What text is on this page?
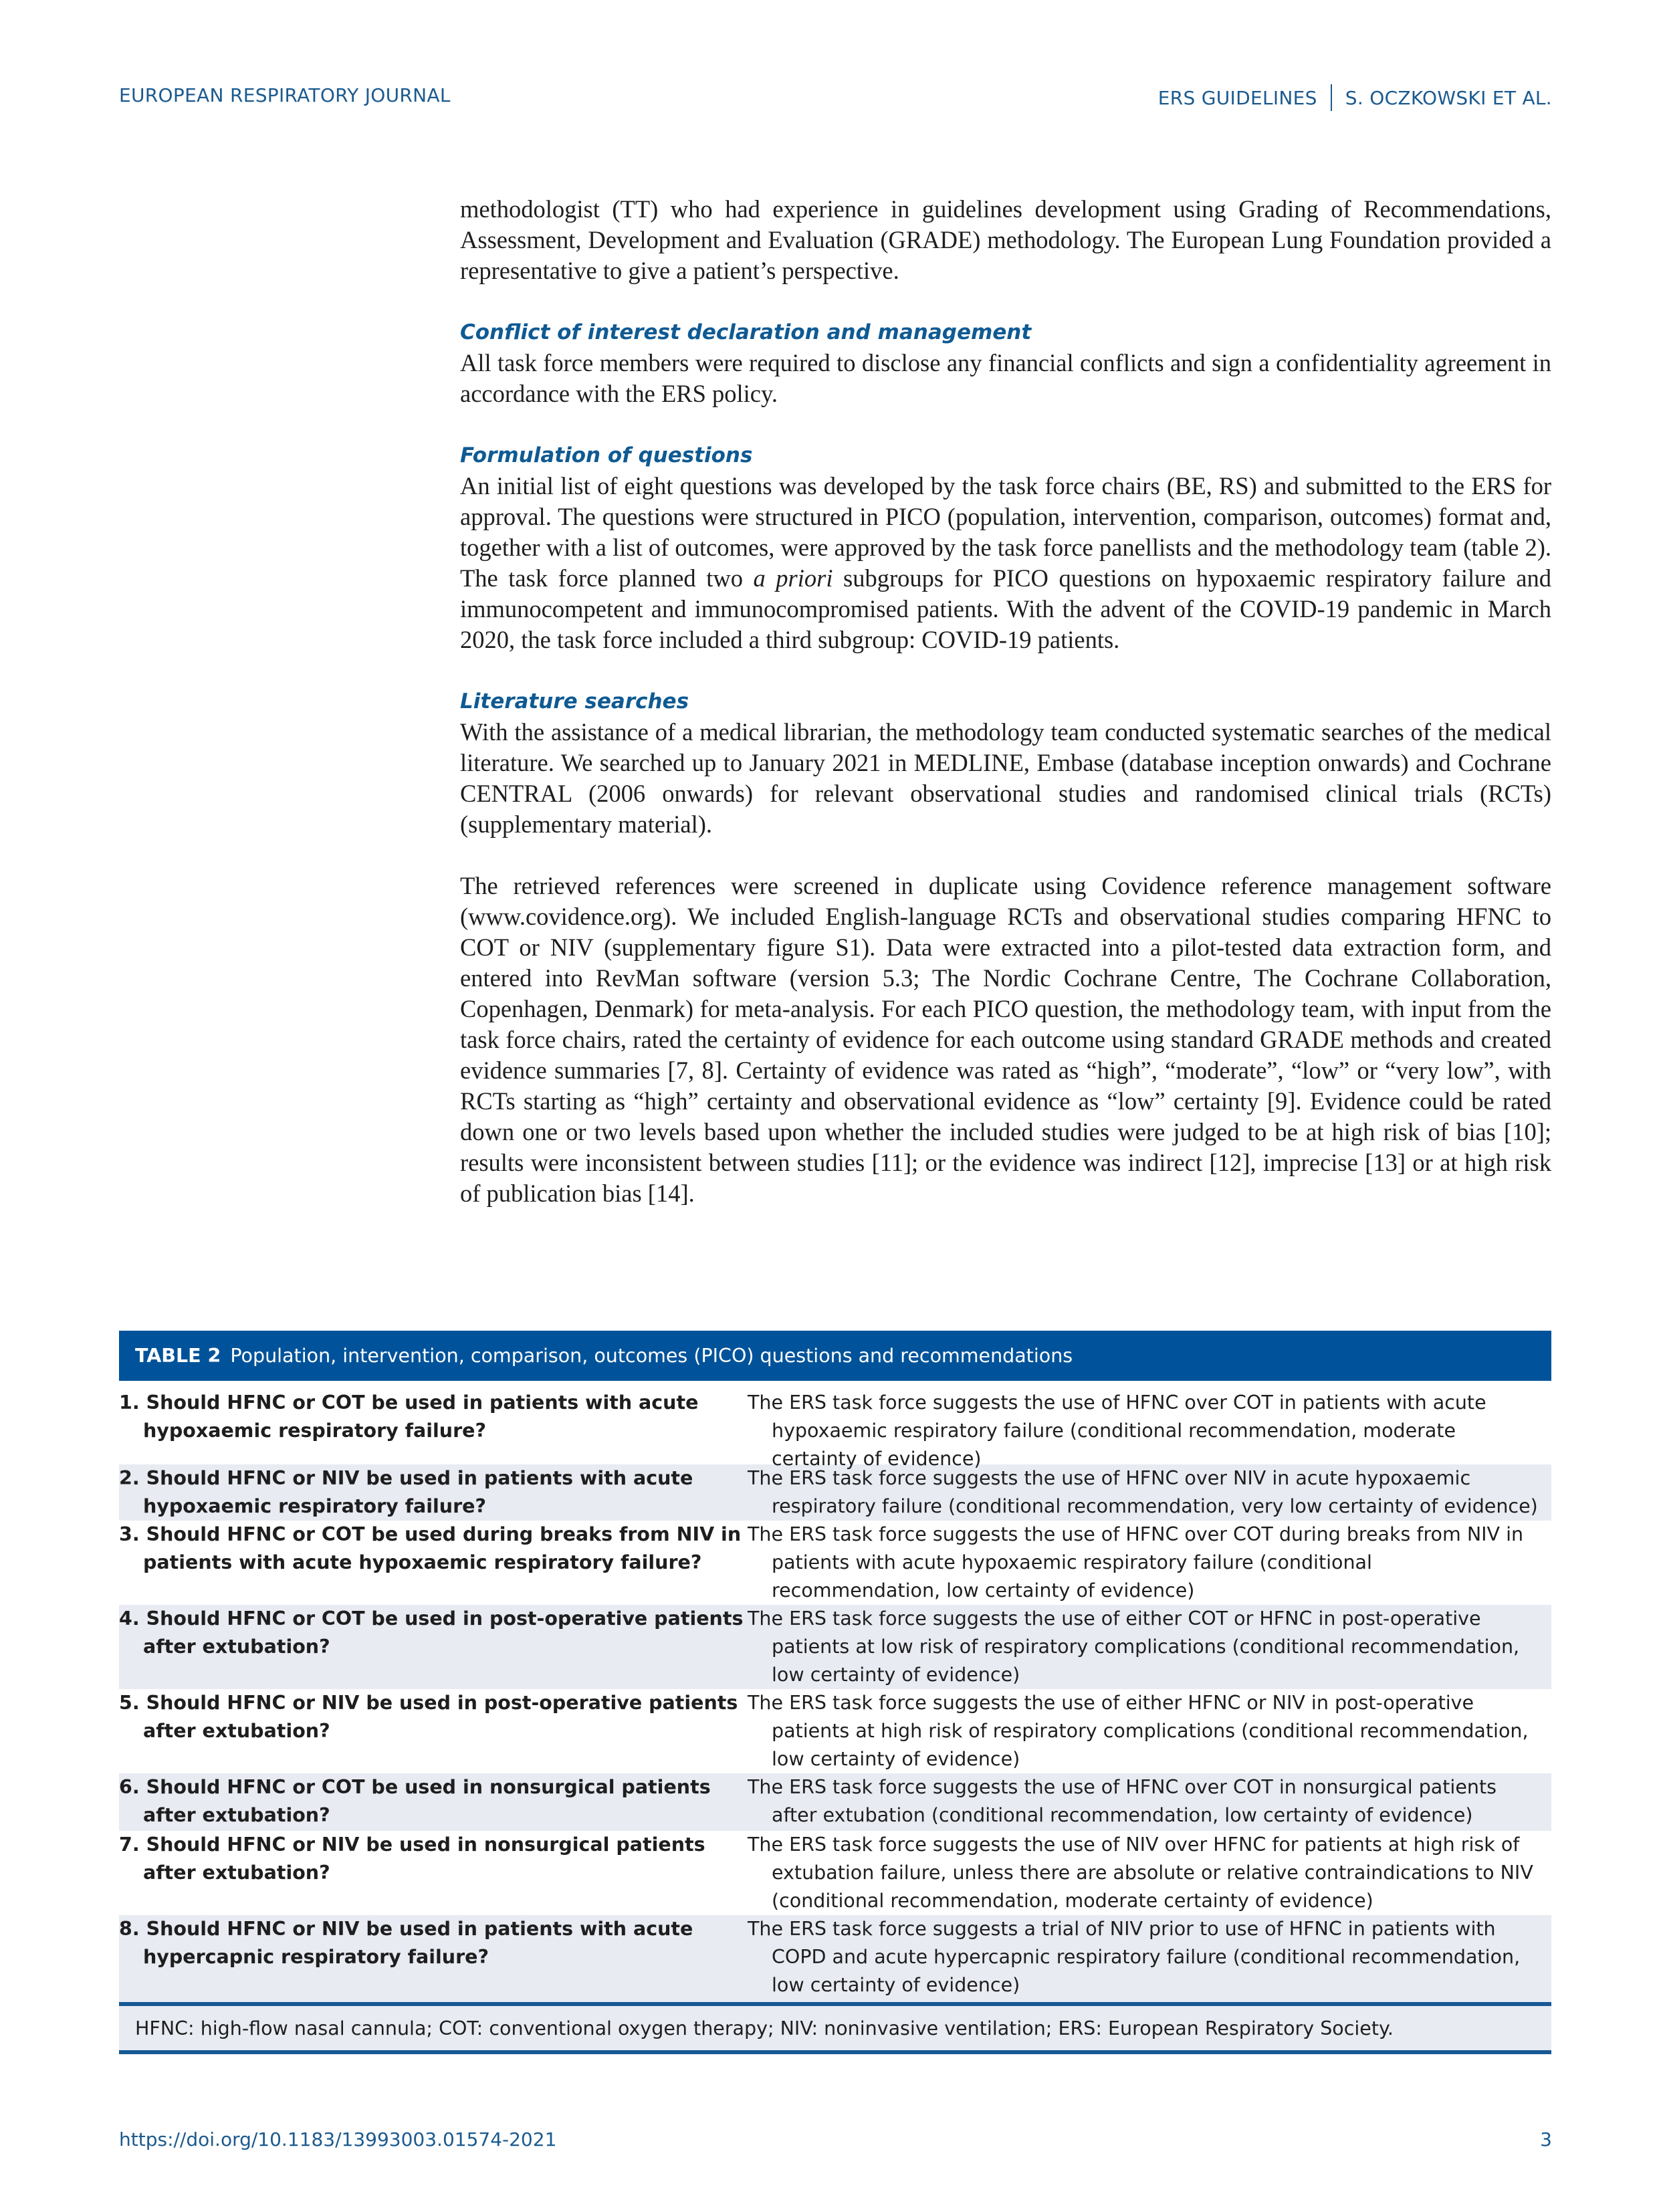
EUROPEAN RESPIRATORY JOURNAL	ERS GUIDELINES S. OCZKOWSKI ET AL.

methodologist (TT) who had experience in guidelines development using Grading of Recommendations, Assessment, Development and Evaluation (GRADE) methodology. The European Lung Foundation provided a representative to give a patient’s perspective.

Conflict of interest declaration and management

All task force members were required to disclose any financial conflicts and sign a confidentiality agreement in accordance with the ERS policy.

Formulation of questions

An initial list of eight questions was developed by the task force chairs (BE, RS) and submitted to the ERS for approval. The questions were structured in PICO (population, intervention, comparison, outcomes) format and, together with a list of outcomes, were approved by the task force panellists and the methodology team (table 2). The task force planned two a priori subgroups for PICO questions on hypoxaemic respiratory failure and immunocompetent and immunocompromised patients. With the advent of the COVID-19 pandemic in March 2020, the task force included a third subgroup: COVID-19 patients.

Literature searches

With the assistance of a medical librarian, the methodology team conducted systematic searches of the medical literature. We searched up to January 2021 in MEDLINE, Embase (database inception onwards) and Cochrane CENTRAL (2006 onwards) for relevant observational studies and randomised clinical trials (RCTs) (supplementary material).

The retrieved references were screened in duplicate using Covidence reference management software (www.covidence.org). We included English-language RCTs and observational studies comparing HFNC to COT or NIV (supplementary figure S1). Data were extracted into a pilot-tested data extraction form, and entered into RevMan software (version 5.3; The Nordic Cochrane Centre, The Cochrane Collaboration, Copenhagen, Denmark) for meta-analysis. For each PICO question, the methodology team, with input from the task force chairs, rated the certainty of evidence for each outcome using standard GRADE methods and created evidence summaries [7, 8]. Certainty of evidence was rated as “high”, “moderate”, “low” or “very low”, with RCTs starting as “high” certainty and observational evidence as “low” certainty [9]. Evidence could be rated down one or two levels based upon whether the included studies were judged to be at high risk of bias [10]; results were inconsistent between studies [11]; or the evidence was indirect [12], imprecise [13] or at high risk of publication bias [14].

TABLE 2 Population, intervention, comparison, outcomes (PICO) questions and recommendations
1. Should HFNC or COT be used in patients with acute hypoxaemic respiratory failure?
The ERS task force suggests the use of HFNC over COT in patients with acute hypoxaemic respiratory failure (conditional recommendation, moderate certainty of evidence)
2. Should HFNC or NIV be used in patients with acute hypoxaemic respiratory failure?
The ERS task force suggests the use of HFNC over NIV in acute hypoxaemic respiratory failure (conditional recommendation, very low certainty of evidence)
3. Should HFNC or COT be used during breaks from NIV in patients with acute hypoxaemic respiratory failure?
The ERS task force suggests the use of HFNC over COT during breaks from NIV in patients with acute hypoxaemic respiratory failure (conditional recommendation, low certainty of evidence)
4. Should HFNC or COT be used in post-operative patients after extubation?
The ERS task force suggests the use of either COT or HFNC in post-operative patients at low risk of respiratory complications (conditional recommendation, low certainty of evidence)
5. Should HFNC or NIV be used in post-operative patients after extubation?
The ERS task force suggests the use of either HFNC or NIV in post-operative patients at high risk of respiratory complications (conditional recommendation, low certainty of evidence)
6. Should HFNC or COT be used in nonsurgical patients after extubation?
The ERS task force suggests the use of HFNC over COT in nonsurgical patients after extubation (conditional recommendation, low certainty of evidence)
7. Should HFNC or NIV be used in nonsurgical patients after extubation?
The ERS task force suggests the use of NIV over HFNC for patients at high risk of extubation failure, unless there are absolute or relative contraindications to NIV (conditional recommendation, moderate certainty of evidence)
8. Should HFNC or NIV be used in patients with acute hypercapnic respiratory failure?
The ERS task force suggests a trial of NIV prior to use of HFNC in patients with COPD and acute hypercapnic respiratory failure (conditional recommendation, low certainty of evidence)
HFNC: high-flow nasal cannula; COT: conventional oxygen therapy; NIV: noninvasive ventilation; ERS: European Respiratory Society.
https://doi.org/10.1183/13993003.01574-2021	3
